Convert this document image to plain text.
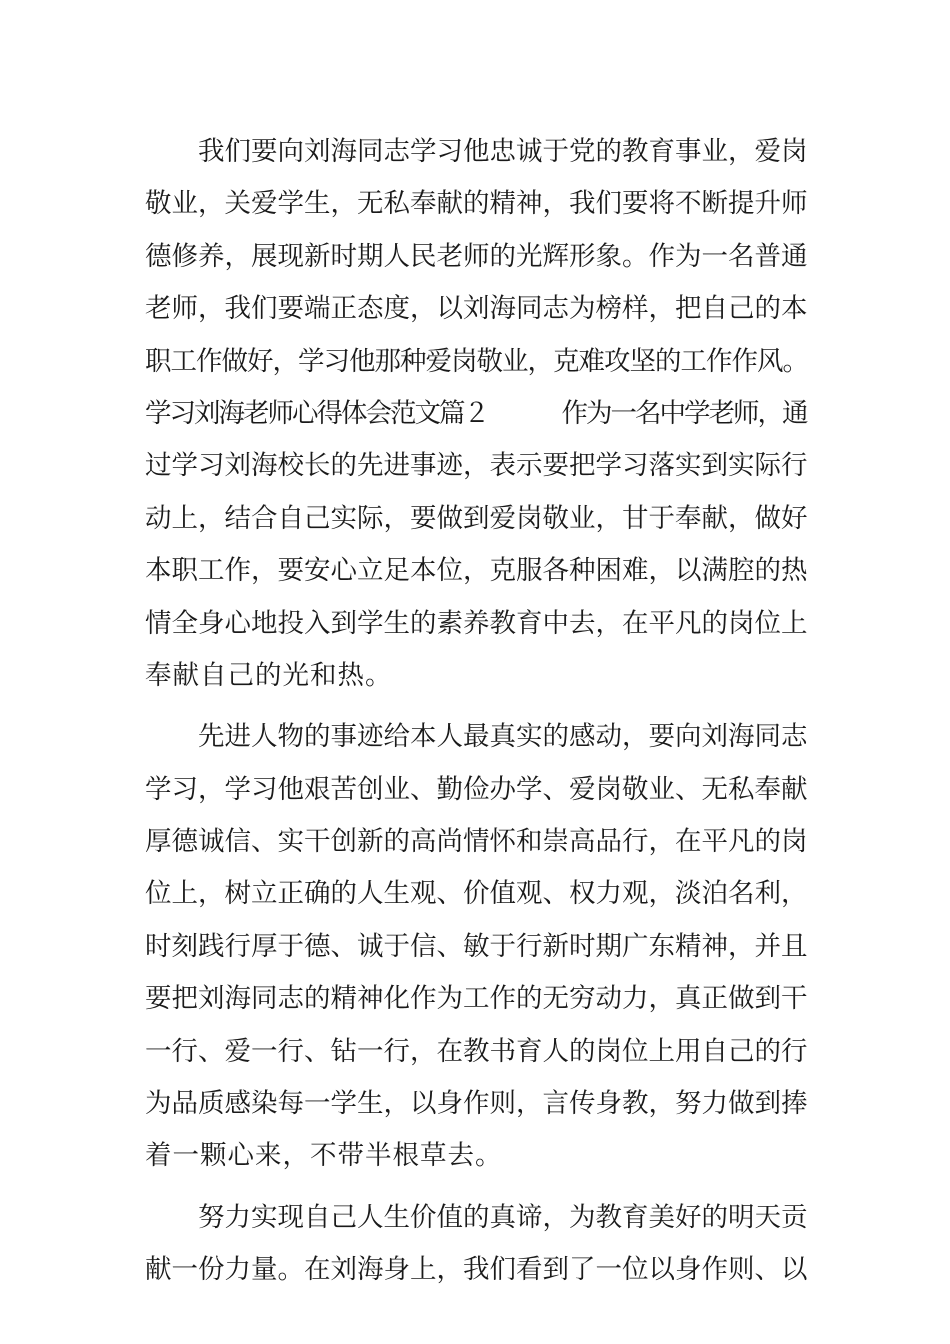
我们要向刘海同志学习他忠诚于党的教育事业，爱岗
敬业，关爱学生，无私奉献的精神，我们要将不断提升师
德修养，展现新时期人民老师的光辉形象。作为一名普通
老师，我们要端正态度，以刘海同志为榜样，把自己的本
职工作做好，学习他那种爱岗敬业，克难攻坚的工作作风。
学习刘海老师心得体会范文篇２　　　作为一名中学老师，通
过学习刘海校长的先进事迹，表示要把学习落实到实际行
动上，结合自己实际，要做到爱岗敬业，甘于奉献，做好
本职工作，要安心立足本位，克服各种困难，以满腔的热
情全身心地投入到学生的素养教育中去，在平凡的岗位上
奉献自己的光和热。
先进人物的事迹给本人最真实的感动，要向刘海同志
学习，学习他艰苦创业、勤俭办学、爱岗敬业、无私奉献
厚德诚信、实干创新的高尚情怀和崇高品行，在平凡的岗
位上，树立正确的人生观、价值观、权力观，淡泊名利，
时刻践行厚于德、诚于信、敏于行新时期广东精神，并且
要把刘海同志的精神化作为工作的无穷动力，真正做到干
一行、爱一行、钻一行，在教书育人的岗位上用自己的行
为品质感染每一学生，以身作则，言传身教，努力做到捧
着一颗心来，不带半根草去。
努力实现自己人生价值的真谛，为教育美好的明天贡
献一份力量。在刘海身上，我们看到了一位以身作则、以
